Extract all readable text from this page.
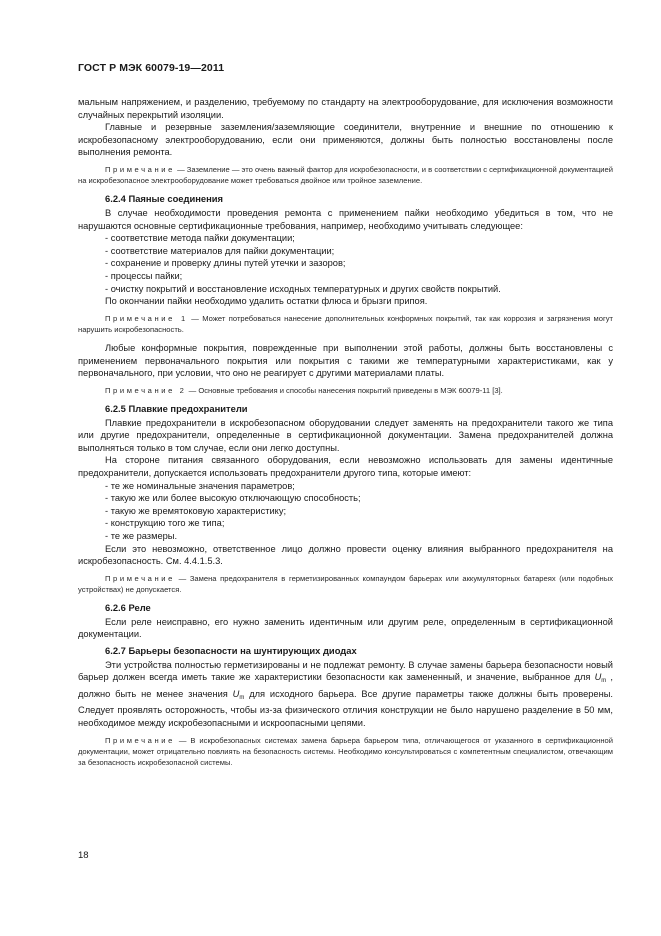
ГОСТ Р МЭК 60079-19—2011

мальным напряжением, и разделению, требуемому по стандарту на электрооборудование, для исключения возможности случайных перекрытий изоляции.

Главные и резервные заземления/заземляющие соединители, внутренние и внешние по отношению к искробезопасному электрооборудованию, если они применяются, должны быть полностью восстановлены после выполнения ремонта.

Примечание — Заземление — это очень важный фактор для искробезопасности, и в соответствии с сертификационной документацией на искробезопасное электрооборудование может требоваться двойное или тройное заземление.
6.2.4 Паяные соединения

В случае необходимости проведения ремонта с применением пайки необходимо убедиться в том, что не нарушаются основные сертификационные требования, например, необходимо учитывать следующее:

- соответствие метода пайки документации;
- соответствие материалов для пайки документации;
- сохранение и проверку длины путей утечки и зазоров;
- процессы пайки;
- очистку покрытий и восстановление исходных температурных и других свойств покрытий.

По окончании пайки необходимо удалить остатки флюса и брызги припоя.

Примечание 1 — Может потребоваться нанесение дополнительных конформных покрытий, так как коррозия и загрязнения могут нарушить искробезопасность.

Любые конформные покрытия, поврежденные при выполнении этой работы, должны быть восстановлены с применением первоначального покрытия или покрытия с такими же температурными характеристиками, как у первоначального, при условии, что оно не реагирует с другими материалами платы.

Примечание 2 — Основные требования и способы нанесения покрытий приведены в МЭК 60079-11 [3].
6.2.5 Плавкие предохранители

Плавкие предохранители в искробезопасном оборудовании следует заменять на предохранители такого же типа или другие предохранители, определенные в сертификационной документации. Замена предохранителей должна выполняться только в том случае, если они легко доступны.

На стороне питания связанного оборудования, если невозможно использовать для замены идентичные предохранители, допускается использовать предохранители другого типа, которые имеют:

- те же номинальные значения параметров;
- такую же или более высокую отключающую способность;
- такую же времятоковую характеристику;
- конструкцию того же типа;
- те же размеры.

Если это невозможно, ответственное лицо должно провести оценку влияния выбранного предохранителя на искробезопасность. См. 4.4.1.5.3.

Примечание — Замена предохранителя в герметизированных компаундом барьерах или аккумуляторных батареях (или подобных устройствах) не допускается.
6.2.6 Реле

Если реле неисправно, его нужно заменить идентичным или другим реле, определенным в сертификационной документации.

6.2.7 Барьеры безопасности на шунтирующих диодах

Эти устройства полностью герметизированы и не подлежат ремонту. В случае замены барьера безопасности новый барьер должен всегда иметь такие же характеристики безопасности как замененный, и значение, выбранное для $U_m$ , должно быть не менее значения $U_m$ для исходного барьера. Все другие параметры также должны быть проверены. Следует проявлять осторожность, чтобы из-за физического отличия конструкции не было нарушено разделение в 50 мм, необходимое между искробезопасными и искроопасными цепями.

Примечание — В искробезопасных системах замена барьера барьером типа, отличающегося от указанного в сертификационной документации, может отрицательно повлиять на безопасность системы. Необходимо консультироваться с компетентным специалистом, отвечающим за безопасность искробезопасной системы.
18
